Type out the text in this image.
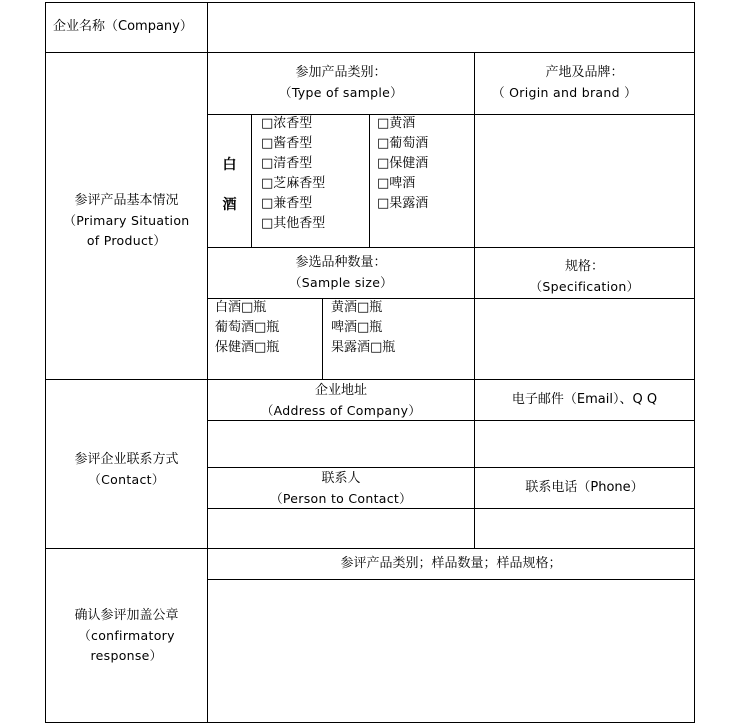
企业名称（Company）
参评产品基本情况
（Primary Situation
of Product）
参加产品类别：
（Type of sample）
产地及品牌：
（ Origin and brand ）
白
酒
□浓香型
□酱香型
□清香型
□芝麻香型
□兼香型
□其他香型
□黄酒
□葡萄酒
□保健酒
□啤酒
□果露酒
参选品种数量：
（Sample size）
规格：
（Specification）
白酒□瓶
葡萄酒□瓶
保健酒□瓶
黄酒□瓶
啤酒□瓶
果露酒□瓶
参评企业联系方式
（Contact）
企业地址
（Address of Company）
电子邮件（Email）、Q Q
联系人
（Person to Contact）
联系电话（Phone）
确认参评加盖公章
（confirmatory
response）
参评产品类别；样品数量；样品规格；
